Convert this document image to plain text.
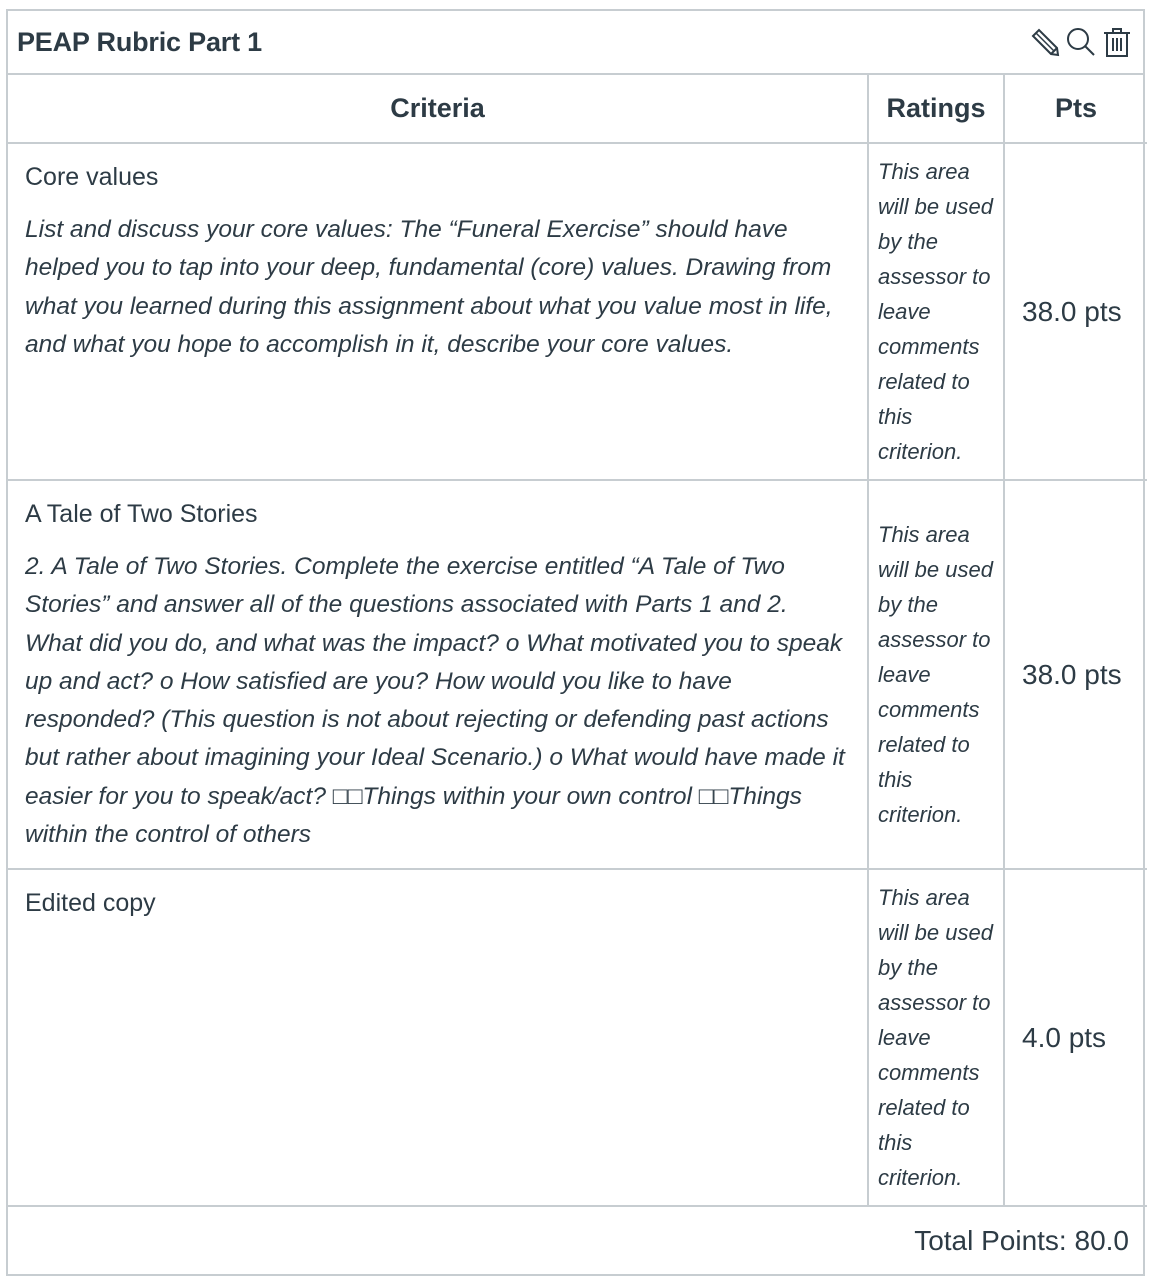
PEAP Rubric Part 1
Criteria	Ratings	Pts

Core values
List and discuss your core values: The “Funeral Exercise” should have helped you to tap into your deep, fundamental (core) values. Drawing from what you learned during this assignment about what you value most in life, and what you hope to accomplish in it, describe your core values.	This area will be used by the assessor to leave comments related to this criterion.	38.0 pts

A Tale of Two Stories
2. A Tale of Two Stories. Complete the exercise entitled “A Tale of Two Stories” and answer all of the questions associated with Parts 1 and 2. What did you do, and what was the impact? o What motivated you to speak up and act? o How satisfied are you? How would you like to have responded? (This question is not about rejecting or defending past actions but rather about imagining your Ideal Scenario.) o What would have made it easier for you to speak/act? □□Things within your own control □□Things within the control of others	This area will be used by the assessor to leave comments related to this criterion.	38.0 pts

Edited copy	This area will be used by the assessor to leave comments related to this criterion.	4.0 pts
Total Points: 80.0		
